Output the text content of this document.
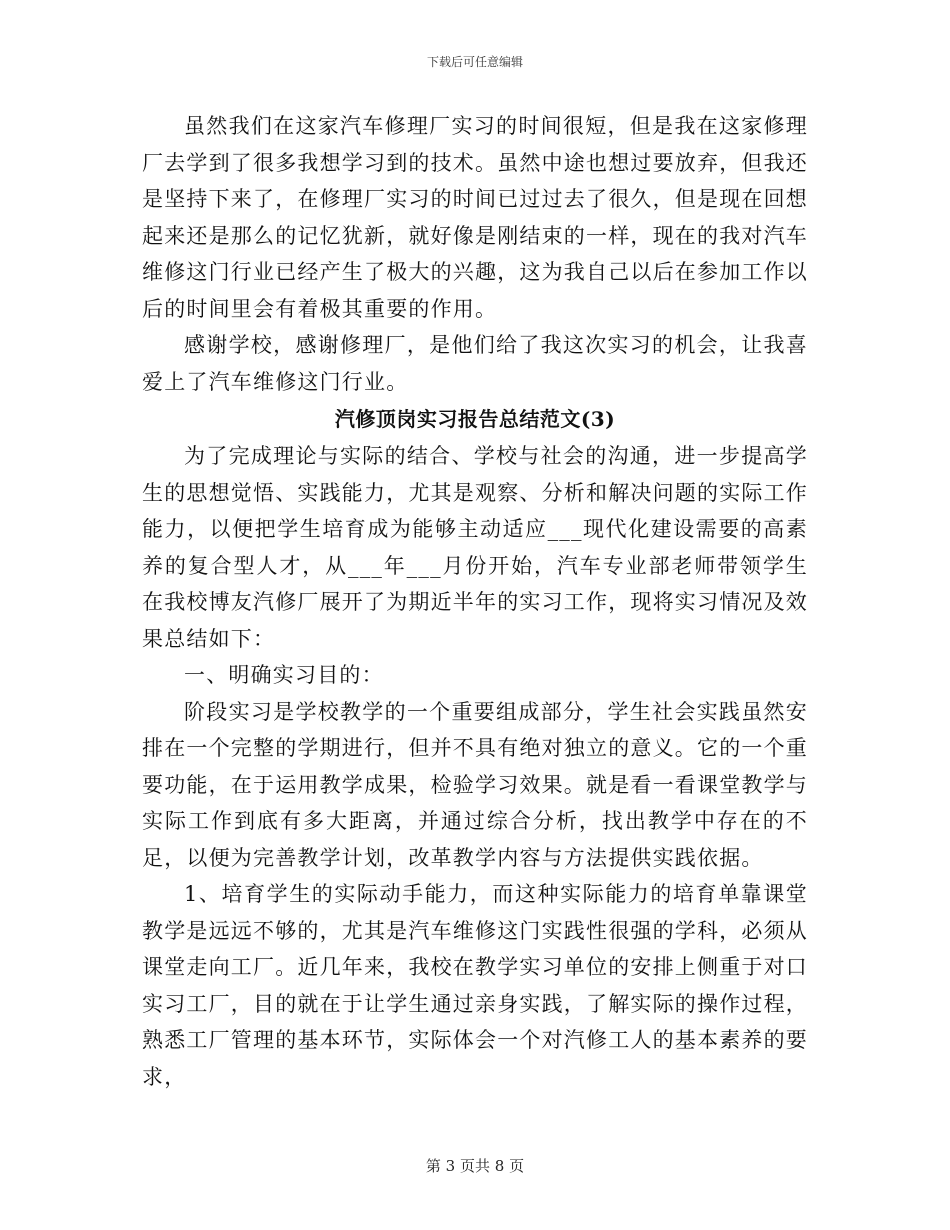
下载后可任意编辑

虽然我们在这家汽车修理厂实习的时间很短，但是我在这家修理厂去学到了很多我想学习到的技术。虽然中途也想过要放弃，但我还是坚持下来了，在修理厂实习的时间已过过去了很久，但是现在回想起来还是那么的记忆犹新，就好像是刚结束的一样，现在的我对汽车维修这门行业已经产生了极大的兴趣，这为我自己以后在参加工作以后的时间里会有着极其重要的作用。

感谢学校，感谢修理厂，是他们给了我这次实习的机会，让我喜爱上了汽车维修这门行业。

汽修顶岗实习报告总结范文(3)

为了完成理论与实际的结合、学校与社会的沟通，进一步提高学生的思想觉悟、实践能力，尤其是观察、分析和解决问题的实际工作能力，以便把学生培育成为能够主动适应___现代化建设需要的高素养的复合型人才，从___年___月份开始，汽车专业部老师带领学生在我校博友汽修厂展开了为期近半年的实习工作，现将实习情况及效果总结如下：

一、明确实习目的：

阶段实习是学校教学的一个重要组成部分，学生社会实践虽然安排在一个完整的学期进行，但并不具有绝对独立的意义。它的一个重要功能，在于运用教学成果，检验学习效果。就是看一看课堂教学与实际工作到底有多大距离，并通过综合分析，找出教学中存在的不足，以便为完善教学计划，改革教学内容与方法提供实践依据。

1、培育学生的实际动手能力，而这种实际能力的培育单靠课堂教学是远远不够的，尤其是汽车维修这门实践性很强的学科，必须从课堂走向工厂。近几年来，我校在教学实习单位的安排上侧重于对口实习工厂，目的就在于让学生通过亲身实践，了解实际的操作过程，熟悉工厂管理的基本环节，实际体会一个对汽修工人的基本素养的要求，

第 3 页共 8 页
